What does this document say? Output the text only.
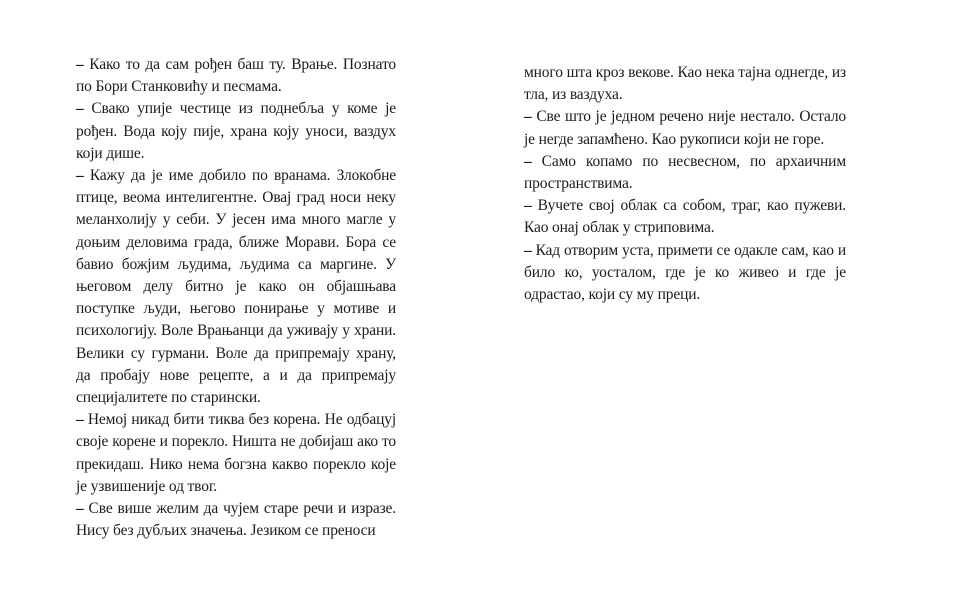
– Како то да сам рођен баш ту. Врање. Познато по Бори Станковићу и песмама.

– Свако упије честице из поднебља у коме је рођен. Вода коју пије, храна коју уноси, ваздух који дише.

– Кажу да је име добило по вранама. Злокобне птице, веома интелигентне. Овај град носи неку меланхолију у себи. У јесен има много магле у доњим деловима града, ближе Морави. Бора се бавио божјим људима, људима са маргине. У његовом делу битно је како он објашњава поступке људи, његово понирање у мотиве и психологију. Воле Врањанци да уживају у храни. Велики су гурмани. Воле да припремају храну, да пробају нове рецепте, а и да припремају специјалитете по старински.

– Немој никад бити тиква без корена. Не одбацуј своје корене и порекло. Ништа не добијаш ако то прекидаш. Нико нема богзна какво порекло које је узвишеније од твог.

– Све више желим да чујем старе речи и изразе. Нису без дубљих значења. Језиком се преноси

много шта кроз векове. Као нека тајна однегде, из тла, из ваздуха.

– Све што је једном речено није нестало. Остало је негде запамћено. Као рукописи који не горе.

– Само копамо по несвесном, по архаичним пространствима.

– Вучете свој облак са собом, траг, као пужеви. Као онај облак у стриповима.

– Кад отворим уста, примети се одакле сам, као и било ко, уосталом, где је ко живео и где је одрастао, који су му преци.
